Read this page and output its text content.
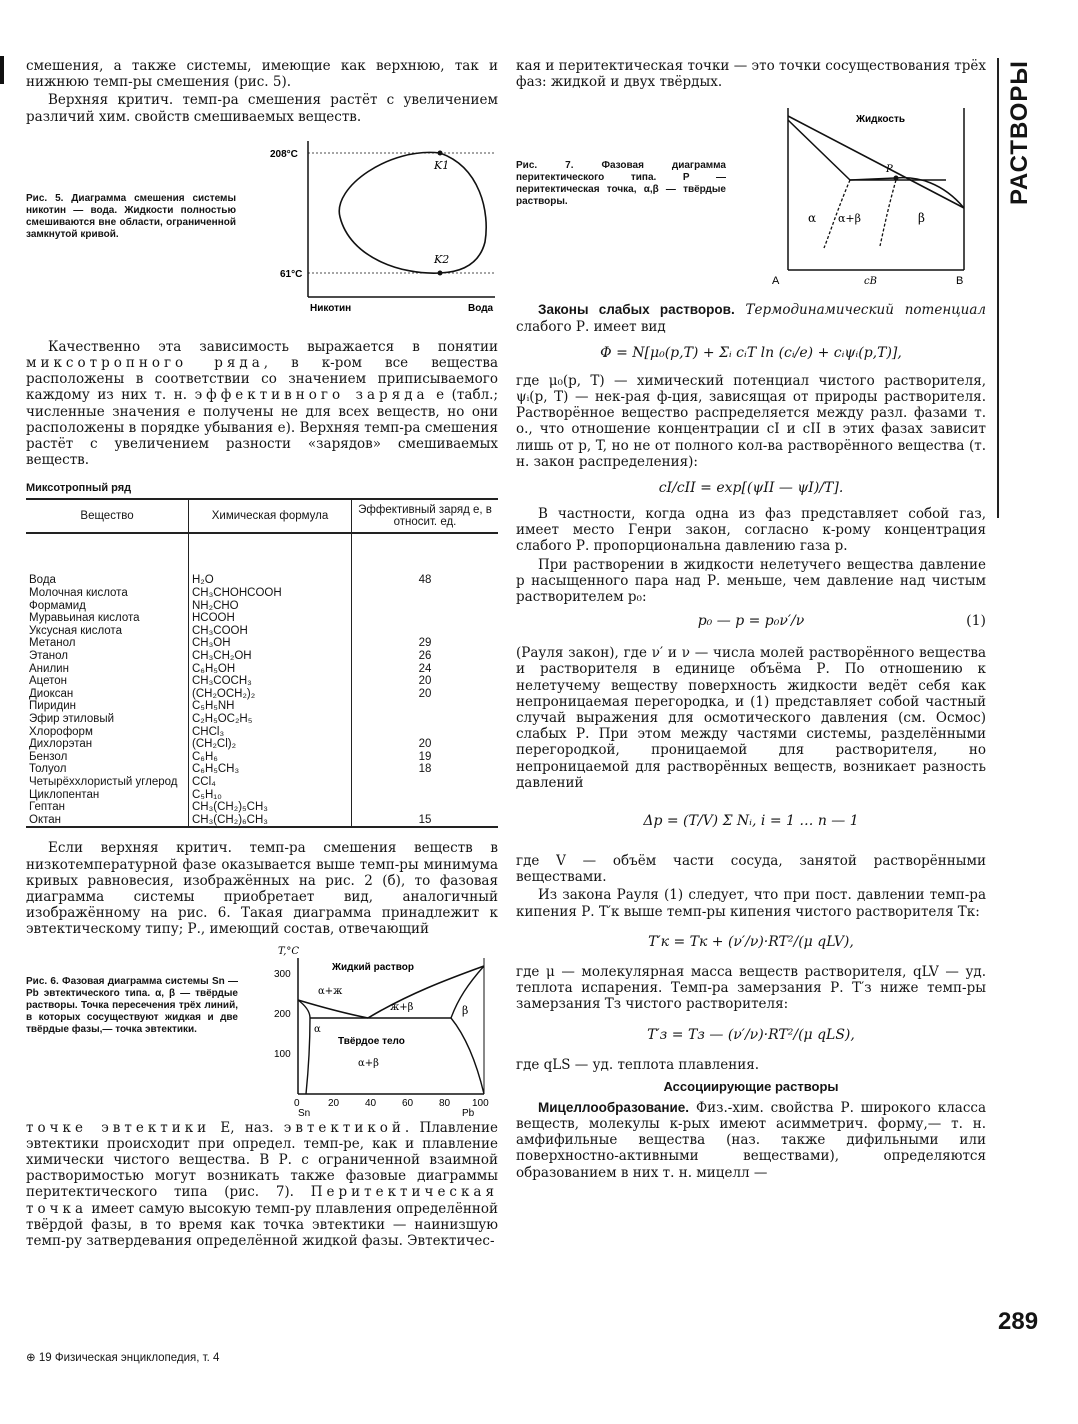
смешения, а также системы, имеющие как верхнюю, так и нижнюю темп-ры смешения (рис. 5).

Верхняя критич. темп-ра смешения растёт с увеличением различий хим. свойств смешиваемых веществ.

Рис. 5. Диаграмма смешения системы никотин — вода. Жидкости полностью смешиваются вне области, ограниченной замкнутой кривой.
208°С
61°С
K1
K2
Никотин	Вода

Качественно эта зависимость выражается в понятии миксотропного ряда, в к-ром все вещества расположены в соответствии со значением приписываемого каждому из них т. н. эффективного заряда e (табл.; численные значения e получены не для всех веществ, но они расположены в порядке убывания e). Верхняя темп-ра смешения растёт с увеличением разности «зарядов» смешиваемых веществ.

Миксотропный ряд
Вещество	Химическая формула	Эффективный заряд e, в относит. ед.
Вода	H₂O	48
Молочная кислота	CH₃CHOHCOOH	
Формамид	NH₂CHO	
Муравьиная кислота	HCOOH	
Уксусная кислота	CH₃COOH	
Метанол	CH₃OH	29
Этанол	CH₃CH₂OH	26
Анилин	C₆H₅OH	24
Ацетон	CH₃COCH₃	20
Диоксан	(CH₂OCH₂)₂	20
Пиридин	C₅H₅NH	
Эфир этиловый	C₂H₅OC₂H₅	
Хлороформ	CHCl₃	
Дихлорэтан	(CH₂Cl)₂	20
Бензол	C₆H₆	19
Толуол	C₆H₅CH₃	18
Четырёххлористый углерод	CCl₄	
Циклопентан	C₅H₁₀	
Гептан	CH₃(CH₂)₅CH₃	
Октан	CH₃(CH₂)₆CH₃	15

Если верхняя критич. темп-ра смешения веществ в низкотемпературной фазе оказывается выше темп-ры минимума кривых равновесия, изображённых на рис. 2 (б), то фазовая диаграмма системы приобретает вид, аналогичный изображённому на рис. 6. Такая диаграмма принадлежит к эвтектическому типу; Р., имеющий состав, отвечающий

Рис. 6. Фазовая диаграмма системы Sn — Pb эвтектического типа. α, β — твёрдые растворы. Точка пересечения трёх линий, в которых сосуществуют жидкая и две твёрдые фазы,— точка эвтектики.
T,°С
300
200
100
0	20	40	60	80 100
Sn	Pb
Жидкий раствор
α+ж
α
ж+β	β
Твёрдое тело
α+β

точке эвтектики E, наз. эвтектикой. Плавление эвтектики происходит при определ. темп-ре, как и плавление химически чистого вещества. В Р. с ограниченной взаимной растворимостью могут возникать также фазовые диаграммы перитектического типа (рис. 7). Перитектическая точка имеет самую высокую темп-ру плавления определённой твёрдой фазы, в то время как точка эвтектики — наинизшую темп-ру затвердевания определённой жидкой фазы. Эвтектичес-

кая и перитектическая точки — это точки сосуществования трёх фаз: жидкой и двух твёрдых.

Рис. 7. Фазовая диаграмма перитектического типа. P — перитектическая точка, α,β — твёрдые растворы.
Жидкость
P
α α+β	β
A	B
cB

Законы слабых растворов. Термодинамический потенциал слабого Р. имеет вид

Φ = N[μ₀(p,T) + Σᵢ cᵢT ln (cᵢ/e) + cᵢψᵢ(p,T)],

где μ₀(p, T) — химический потенциал чистого растворителя, ψᵢ(p, T) — нек-рая ф-ция, зависящая от природы растворителя. Растворённое вещество распределяется между разл. фазами т. о., что отношение концентрации cI и cII в этих фазах зависит лишь от p, T, но не от полного кол-ва растворённого вещества (т. н. закон распределения):

cI/cII = exp[(ψII — ψI)/T].

В частности, когда одна из фаз представляет собой газ, имеет место Генри закон, согласно к-рому концентрация слабого Р. пропорциональна давлению газа p.

При растворении в жидкости нелетучего вещества давление p насыщенного пара над Р. меньше, чем давление над чистым растворителем p₀:

p₀ — p = p₀ν′/ν	(1)

(Рауля закон), где ν′ и ν — числа молей растворённого вещества и растворителя в единице объёма Р. По отношению к нелетучему веществу поверхность жидкости ведёт себя как непроницаемая перегородка, и (1) представляет собой частный случай выражения для осмотического давления (см. Осмос) слабых Р. При этом между частями системы, разделёнными перегородкой, проницаемой для растворителя, но непроницаемой для растворённых веществ, возникает разность давлений

Δp = (T/V) Σ Nᵢ, i = 1 … n — 1

где V — объём части сосуда, занятой растворёнными веществами.

Из закона Рауля (1) следует, что при пост. давлении темп-ра кипения Р. T′к выше темп-ры кипения чистого растворителя Tк:

T′к = Tк + (ν′/ν)·RT²/(μ qLV),

где μ — молекулярная масса веществ растворителя, qLV — уд. теплота испарения. Темп-ра замерзания Р. T′з ниже темп-ры замерзания Tз чистого растворителя:

T′з = Tз — (ν′/ν)·RT²/(μ qLS),

где qLS — уд. теплота плавления.

Ассоциирующие растворы

Мицеллообразование. Физ.-хим. свойства Р. широкого класса веществ, молекулы к-рых имеют асимметрич. форму,— т. н. амфифильные вещества (наз. также дифильными или поверхностно-активными веществами), определяются образованием в них т. н. мицелл —

РАСТВОРЫ
289
⊕ 19 Физическая энциклопедия, т. 4
